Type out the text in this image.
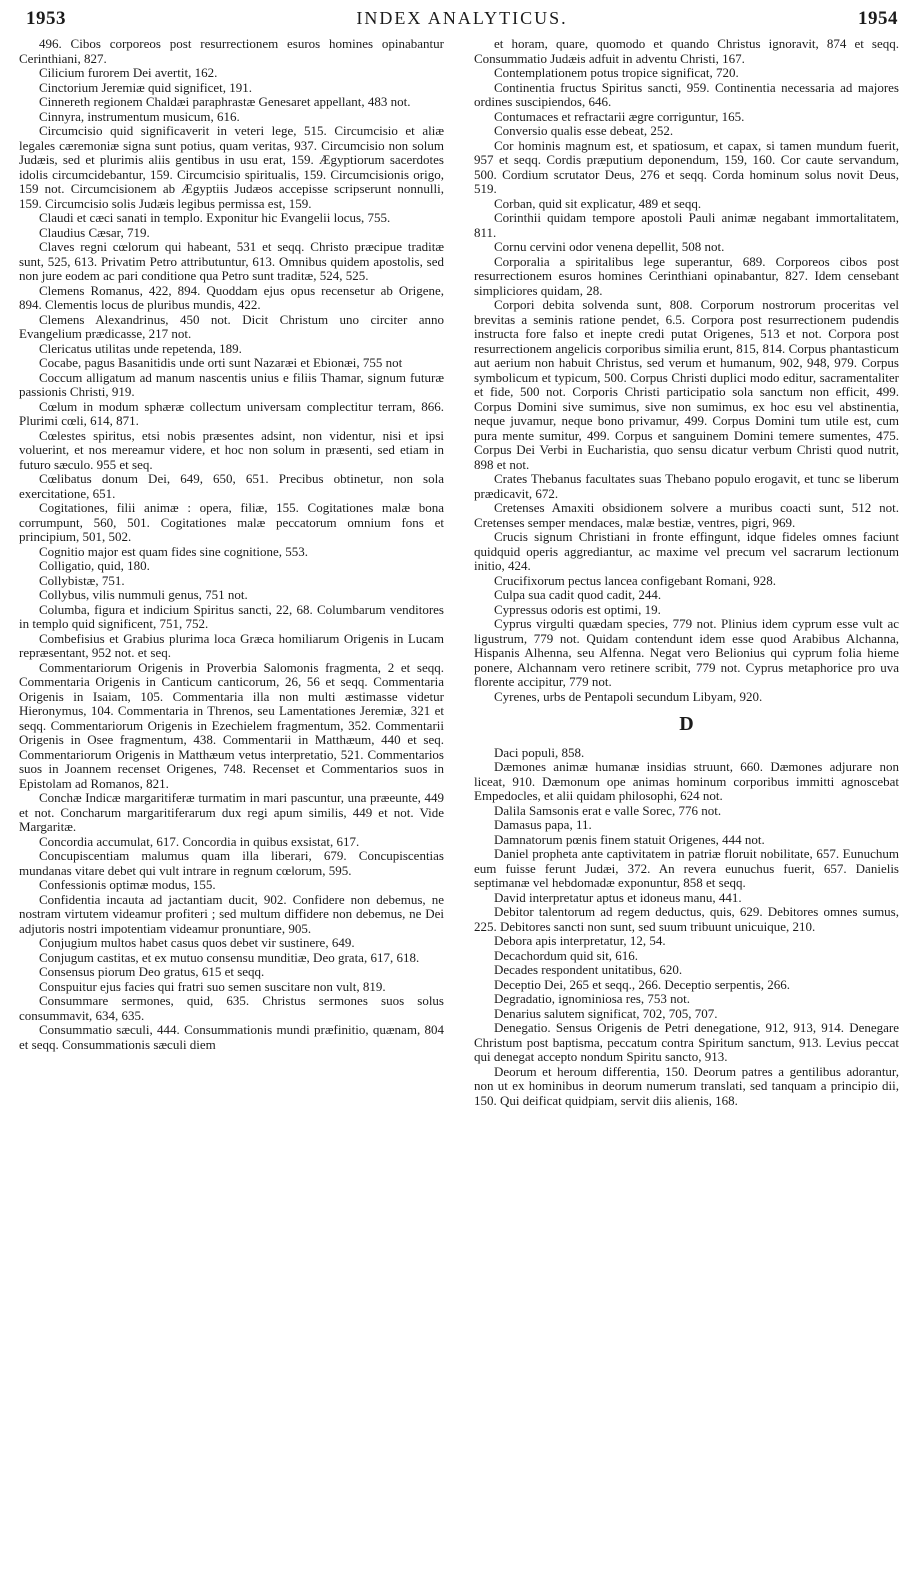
1953	INDEX ANALYTICUS.	1954

496. Cibos corporeos post resurrectionem esuros homines opinabantur Cerinthiani, 827.

Cilicium furorem Dei avertit, 162.

Cinctorium Jeremiæ quid significet, 191.

Cinnereth regionem Chaldæi paraphrastæ Genesaret appellant, 483 not.

Cinnyra, instrumentum musicum, 616.

Circumcisio quid significaverit in veteri lege, 515. Circumcisio et aliæ legales cæremoniæ signa sunt potius, quam veritas, 937. Circumcisio non solum Judæis, sed et plurimis aliis gentibus in usu erat, 159. Ægyptiorum sacerdotes idolis circumcidebantur, 159. Circumcisio spiritualis, 159. Circumcisionis origo, 159 not. Circumcisionem ab Ægyptiis Judæos accepisse scripserunt nonnulli, 159. Circumcisio solis Judæis legibus permissa est, 159.

Claudi et cæci sanati in templo. Exponitur hic Evangelii locus, 755.

Claudius Cæsar, 719.

Claves regni cœlorum qui habeant, 531 et seqq. Christo præcipue traditæ sunt, 525, 613. Privatim Petro attributuntur, 613. Omnibus quidem apostolis, sed non jure eodem ac pari conditione qua Petro sunt traditæ, 524, 525.

Clemens Romanus, 422, 894. Quoddam ejus opus recensetur ab Origene, 894. Clementis locus de pluribus mundis, 422.

Clemens Alexandrinus, 450 not. Dicit Christum uno circiter anno Evangelium prædicasse, 217 not.

Clericatus utilitas unde repetenda, 189.

Cocabe, pagus Basanitidis unde orti sunt Nazaræi et Ebionæi, 755 not

Coccum alligatum ad manum nascentis unius e filiis Thamar, signum futuræ passionis Christi, 919.

Cœlum in modum sphæræ collectum universam complectitur terram, 866. Plurimi cœli, 614, 871.

Cœlestes spiritus, etsi nobis præsentes adsint, non videntur, nisi et ipsi voluerint, et nos mereamur videre, et hoc non solum in præsenti, sed etiam in futuro sæculo. 955 et seq.

Cœlibatus donum Dei, 649, 650, 651. Precibus obtinetur, non sola exercitatione, 651.

Cogitationes, filii animæ : opera, filiæ, 155. Cogitationes malæ bona corrumpunt, 560, 501. Cogitationes malæ peccatorum omnium fons et principium, 501, 502.

Cognitio major est quam fides sine cognitione, 553.

Colligatio, quid, 180.

Collybistæ, 751.

Collybus, vilis nummuli genus, 751 not.

Columba, figura et indicium Spiritus sancti, 22, 68. Columbarum venditores in templo quid significent, 751, 752.

Combefisius et Grabius plurima loca Græca homiliarum Origenis in Lucam repræsentant, 952 not. et seq.

Commentariorum Origenis in Proverbia Salomonis fragmenta, 2 et seqq. Commentaria Origenis in Canticum canticorum, 26, 56 et seqq. Commentaria Origenis in Isaiam, 105. Commentaria illa non multi æstimasse videtur Hieronymus, 104. Commentaria in Threnos, seu Lamentationes Jeremiæ, 321 et seqq. Commentariorum Origenis in Ezechielem fragmentum, 352. Commentarii Origenis in Osee fragmentum, 438. Commentarii in Matthæum, 440 et seq. Commentariorum Origenis in Matthæum vetus interpretatio, 521. Commentarios suos in Joannem recenset Origenes, 748. Recenset et Commentarios suos in Epistolam ad Romanos, 821.

Conchæ Indicæ margaritiferæ turmatim in mari pascuntur, una præeunte, 449 et not. Concharum margaritiferarum dux regi apum similis, 449 et not. Vide Margaritæ.

Concordia accumulat, 617. Concordia in quibus exsistat, 617.

Concupiscentiam malumus quam illa liberari, 679. Concupiscentias mundanas vitare debet qui vult intrare in regnum cœlorum, 595.

Confessionis optimæ modus, 155.

Confidentia incauta ad jactantiam ducit, 902. Confidere non debemus, ne nostram virtutem videamur profiteri ; sed multum diffidere non debemus, ne Dei adjutoris nostri impotentiam videamur pronuntiare, 905.

Conjugium multos habet casus quos debet vir sustinere, 649.

Conjugum castitas, et ex mutuo consensu munditiæ, Deo grata, 617, 618.

Consensus piorum Deo gratus, 615 et seqq.

Conspuitur ejus facies qui fratri suo semen suscitare non vult, 819.

Consummare sermones, quid, 635. Christus sermones suos solus consummavit, 634, 635.

Consummatio sæculi, 444. Consummationis mundi præfinitio, quænam, 804 et seqq. Consummationis sæculi diem

et horam, quare, quomodo et quando Christus ignoravit, 874 et seqq. Consummatio Judæis adfuit in adventu Christi, 167.

Contemplationem potus tropice significat, 720.

Continentia fructus Spiritus sancti, 959. Continentia necessaria ad majores ordines suscipiendos, 646.

Contumaces et refractarii ægre corriguntur, 165.

Conversio qualis esse debeat, 252.

Cor hominis magnum est, et spatiosum, et capax, si tamen mundum fuerit, 957 et seqq. Cordis præputium deponendum, 159, 160. Cor caute servandum, 500. Cordium scrutator Deus, 276 et seqq. Corda hominum solus novit Deus, 519.

Corban, quid sit explicatur, 489 et seqq.

Corinthii quidam tempore apostoli Pauli animæ negabant immortalitatem, 811.

Cornu cervini odor venena depellit, 508 not.

Corporalia a spiritalibus lege superantur, 689. Corporeos cibos post resurrectionem esuros homines Cerinthiani opinabantur, 827. Idem censebant simpliciores quidam, 28.

Corpori debita solvenda sunt, 808. Corporum nostrorum proceritas vel brevitas a seminis ratione pendet, 6.5. Corpora post resurrectionem pudendis instructa fore falso et inepte credi putat Origenes, 513 et not. Corpora post resurrectionem angelicis corporibus similia erunt, 815, 814. Corpus phantasticum aut aerium non habuit Christus, sed verum et humanum, 902, 948, 979. Corpus symbolicum et typicum, 500. Corpus Christi duplici modo editur, sacramentaliter et fide, 500 not. Corporis Christi participatio sola sanctum non efficit, 499. Corpus Domini sive sumimus, sive non sumimus, ex hoc esu vel abstinentia, neque juvamur, neque bono privamur, 499. Corpus Domini tum utile est, cum pura mente sumitur, 499. Corpus et sanguinem Domini temere sumentes, 475. Corpus Dei Verbi in Eucharistia, quo sensu dicatur verbum Christi quod nutrit, 898 et not.

Crates Thebanus facultates suas Thebano populo erogavit, et tunc se liberum prædicavit, 672.

Cretenses Amaxiti obsidionem solvere a muribus coacti sunt, 512 not. Cretenses semper mendaces, malæ bestiæ, ventres, pigri, 969.

Crucis signum Christiani in fronte effingunt, idque fideles omnes faciunt quidquid operis aggrediantur, ac maxime vel precum vel sacrarum lectionum initio, 424.

Crucifixorum pectus lancea configebant Romani, 928.

Culpa sua cadit quod cadit, 244.

Cypressus odoris est optimi, 19.

Cyprus virgulti quædam species, 779 not. Plinius idem cyprum esse vult ac ligustrum, 779 not. Quidam contendunt idem esse quod Arabibus Alchanna, Hispanis Alhenna, seu Alfenna. Negat vero Belionius qui cyprum folia hieme ponere, Alchannam vero retinere scribit, 779 not. Cyprus metaphorice pro uva florente accipitur, 779 not.

Cyrenes, urbs de Pentapoli secundum Libyam, 920.

D

Daci populi, 858.

Dæmones animæ humanæ insidias struunt, 660. Dæmones adjurare non liceat, 910. Dæmonum ope animas hominum corporibus immitti agnoscebat Empedocles, et alii quidam philosophi, 624 not.

Dalila Samsonis erat e valle Sorec, 776 not.

Damasus papa, 11.

Damnatorum pœnis finem statuit Origenes, 444 not.

Daniel propheta ante captivitatem in patriæ floruit nobilitate, 657. Eunuchum eum fuisse ferunt Judæi, 372. An revera eunuchus fuerit, 657. Danielis septimanæ vel hebdomadæ exponuntur, 858 et seqq.

David interpretatur aptus et idoneus manu, 441.

Debitor talentorum ad regem deductus, quis, 629. Debitores omnes sumus, 225. Debitores sancti non sunt, sed suum tribuunt unicuique, 210.

Debora apis interpretatur, 12, 54.

Decachordum quid sit, 616.

Decades respondent unitatibus, 620.

Deceptio Dei, 265 et seqq., 266. Deceptio serpentis, 266.

Degradatio, ignominiosa res, 753 not.

Denarius salutem significat, 702, 705, 707.

Denegatio. Sensus Origenis de Petri denegatione, 912, 913, 914. Denegare Christum post baptisma, peccatum contra Spiritum sanctum, 913. Levius peccat qui denegat accepto nondum Spiritu sancto, 913.

Deorum et heroum differentia, 150. Deorum patres a gentilibus adorantur, non ut ex hominibus in deorum numerum translati, sed tanquam a principio dii, 150. Qui deificat quidpiam, servit diis alienis, 168.
